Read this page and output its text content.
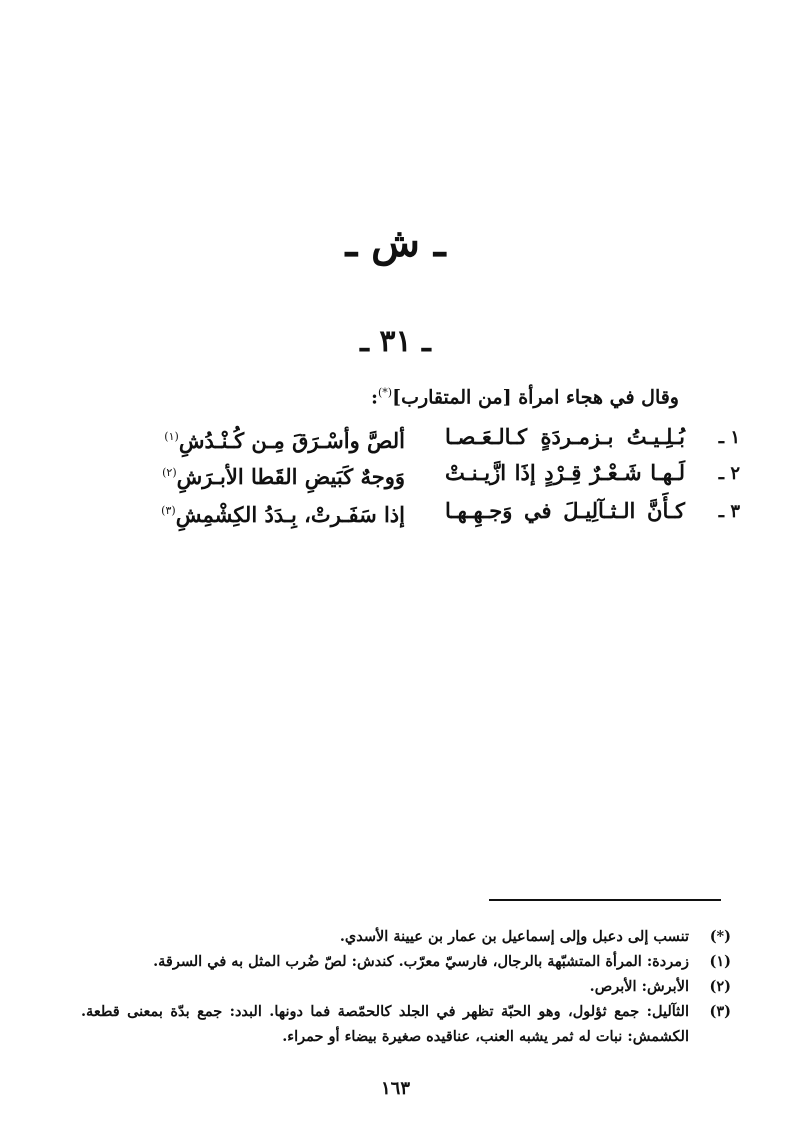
ـ ش ـ
ـ ٣١ ـ
وقال في هجاء امرأة [من المتقارب](*):
١ ـ
بُـلِـيـتُ بـزمـردَةٍ كـالـعَـصـا
ألصَّ وأسْـرَقَ مِـن كُـنْـدُشِ$^{(١)}$
٢ ـ
لَـهـا شَـعْـرٌ قِـرْدٍ إذَا ازَّيـنـتْ
وَوجهٌ كَبَيضِ القَطا الأبـرَشِ$^{(٢)}$
٣ ـ
كـأَنَّ الـثـآلِيـلَ في وَجـهِـهـا
إذا سَفَـرتْ، بِـدَدُ الكِشْمِشِ$^{(٣)}$
(*)
تنسب إلى دعبل وإلى إسماعيل بن عمار بن عيينة الأسدي.
(١)
زمردة: المرأة المتشبّهة بالرجال، فارسيّ معرّب. كندش: لصّ ضُرب المثل به في السرقة.
(٢)
الأبرش: الأبرص.
(٣)
الثآليل: جمع ثؤلول، وهو الحبّة تظهر في الجلد كالحمّصة فما دونها. البدد: جمع بدّة بمعنى قطعة. الكشمش: نبات له ثمر يشبه العنب، عناقيده صغيرة بيضاء أو حمراء.
١٦٣
